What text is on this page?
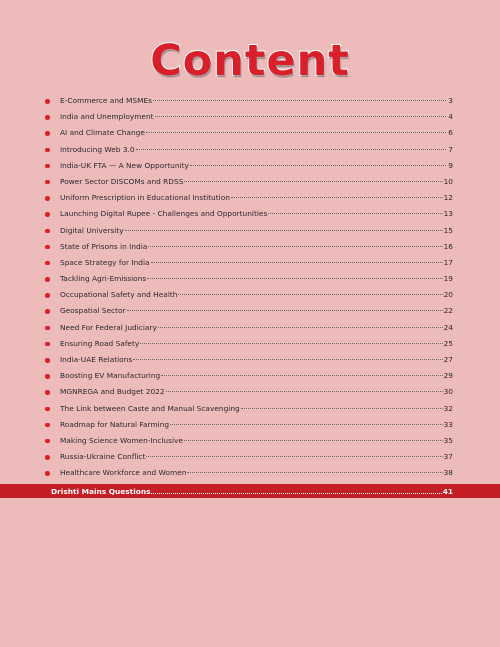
Content
E-Commerce and MSMEs	3
India and Unemployment	4
AI and Climate Change	6
Introducing Web 3.0	7
India-UK FTA — A New Opportunity	9
Power Sector DISCOMs and RDSS	10
Uniform Prescription in Educational Institution	12
Launching Digital Rupee - Challenges and Opportunities	13
Digital University	15
State of Prisons in India	16
Space Strategy for India	17
Tackling Agri-Emissions	19
Occupational Safety and Health	20
Geospatial Sector	22
Need For Federal Judiciary	24
Ensuring Road Safety	25
India-UAE Relations	27
Boosting EV Manufacturing	29
MGNREGA and Budget 2022	30
The Link between Caste and Manual Scavenging	32
Roadmap for Natural Farming	33
Making Science Women-Inclusive	35
Russia-Ukraine Conflict	37
Healthcare Workforce and Women	38
Drishti Mains Questions	41
